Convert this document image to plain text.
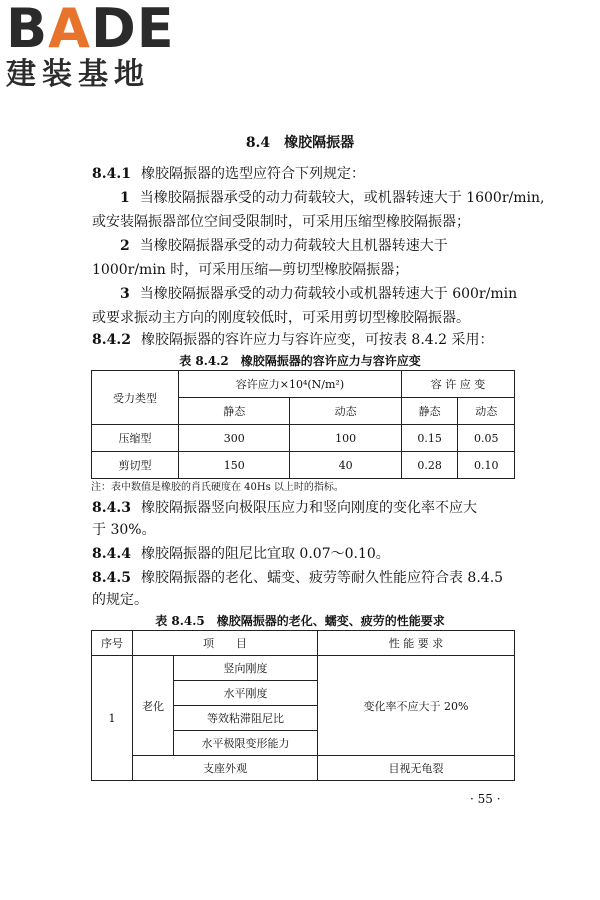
BADE
建装基地
8.4　橡胶隔振器
8.4.1 橡胶隔振器的选型应符合下列规定：
1 当橡胶隔振器承受的动力荷载较大，或机器转速大于 1600r/min,
或安装隔振器部位空间受限制时，可采用压缩型橡胶隔振器；
2 当橡胶隔振器承受的动力荷载较大且机器转速大于
1000r/min 时，可采用压缩—剪切型橡胶隔振器；
3 当橡胶隔振器承受的动力荷载较小或机器转速大于 600r/min
或要求振动主方向的刚度较低时，可采用剪切型橡胶隔振器。
8.4.2 橡胶隔振器的容许应力与容许应变，可按表 8.4.2 采用：
表 8.4.2　橡胶隔振器的容许应力与容许应变
受力类型	容许应力×10⁴(N/m²)		容 许 应 变	
	静态	动态	静态	动态
压缩型	300	100	0.15	0.05
剪切型	150	40	0.28	0.10
注：表中数值是橡胶的肖氏硬度在 40Hs 以上时的指标。
8.4.3 橡胶隔振器竖向极限压应力和竖向刚度的变化率不应大
于 30%。
8.4.4 橡胶隔振器的阻尼比宜取 0.07～0.10。
8.4.5 橡胶隔振器的老化、蠕变、疲劳等耐久性能应符合表 8.4.5
的规定。
表 8.4.5　橡胶隔振器的老化、蠕变、疲劳的性能要求
序号	项　　目		性 能 要 求
1	老化	竖向刚度	变化率不应大于 20%
		水平刚度	
		等效粘滞阻尼比	
		水平极限变形能力	
	支座外观		目视无龟裂
· 55 ·
